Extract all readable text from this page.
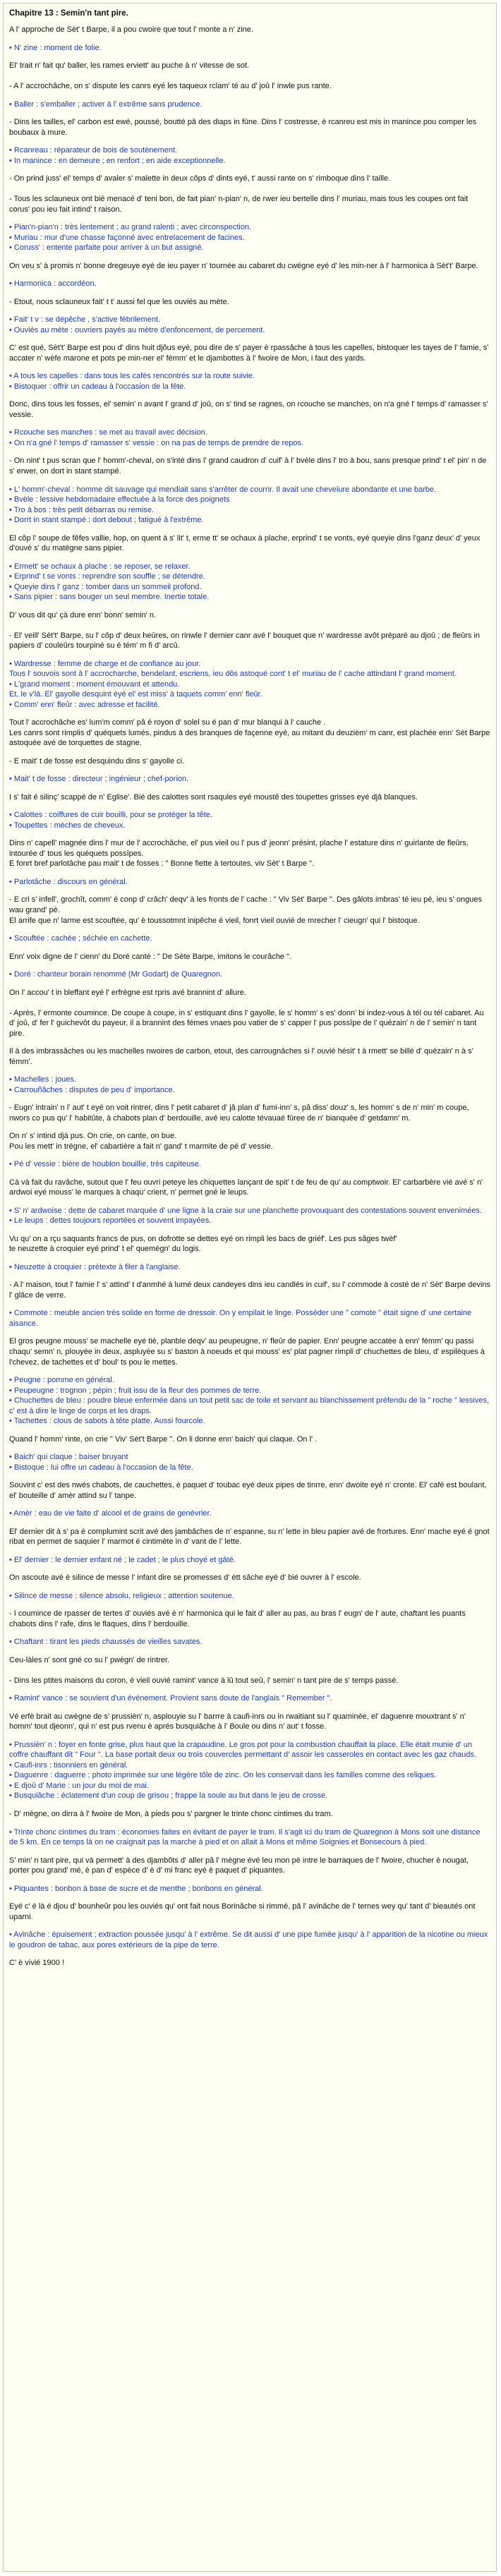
Chapitre 13 : Semin'n tant pire.
A l' approche de Sèt' t Barpe, il a pou cwoire que tout l' monte a n' zine.
• N' zine : moment de folie.
El' trait n' fait qu' baller, les rames erviett' au puche à n' vitesse de sot.

- A l' accrochâche, on s' dispute les canrs eyé les taqueux rclam' té au d' joû l' inwle pus rante.
• Baller : s'emballer ; activer à l' extrême sans prudence.
- Dins les tailles, el' carbon est ewé, poussé, boutté pâ des diaps in fûne. Dins l' costresse, è rcanreu est mis in manince pou comper les boubaux à mure.
• Rcanreau : réparateur de bois de soutènement.
• In manince : en demeure ; en renfort ; en aide exceptionnelle.
- On prind juss' el' temps d' avaler s' malette in deux côps d' dints eyé, t' aussi rante on s' rimboque dins l' taille.

- Tous les sclauneux ont bié menacé d' teni bon, de fait pian' n-pian' n, de rwer ieu bertelle dins l' muriau, mais tous les coupes ont fait corus' pou ieu fait intind' t raison.
• Pian'n-pian'n : très lentement ; au grand ralenti ; avec circonspection.
• Muriau : mur d'une chasse façonné avec entrelacement de facines.
• Coruss' : entente parfaite pour arriver à un but assigné.
On veu s' à promis n' bonne dregeuye eyé de ieu payer n' tournée au cabaret du cwégne eyé d' les min-ner à l' harmonica à Sèt't' Barpe.
• Harmonica : accordéon.
- Etout, nous sclauneux fait' t t' aussi fel que les ouviés au mète.
• Fait' t v : se dépêche , s'active fébrilement.
• Ouviés au mète : ouvriers payés au mètre d'enfoncement, de percement.
C' est qué, Sèt't' Barpe est pou d' dins huit djôus eyé, pou dire de s' payer è rpassâche à tous les capelles, bistoquer les tayes de l' famie, s' accater n' wèfe marone et pots pe min-ner el' fémm' et le djambottes à l' fwoire de Mon, i faut des yards.
• A tous les capelles : dans tous les cafés rencontrés sur la route suivie.
• Bistoquer : offrir un cadeau à l'occasion de la fête.
Donc, dins tous les fosses, el' semin' n avant l' grand d' joû, on s' tind se ragnes, on rcouche se manches, on n'a gné l' temps d' ramasser s' vessie.
• Rcouche ses manches : se met au travail avec décision.
• On n'a gné l' temps d' ramasser s' vessie : on na pas de temps de prendre de repos.
- On nint' t pus scran que l' homm'-chevaI, on s'intè dins l' grand caudron d' cuif' à l' bvèle dins l' tro à bou, sans presque prind' t el' pin' n de s' erwer, on dort in stant stampé.
• L' homm'-cheval : homme dit sauvage qui mendiait sans s'arrêter de courrir. Il avait une chevelure abondante et une barbe.
• Bvèle : lessive hebdomadaire effectuée à la force des poignets
• Tro à bos : très petit débarras ou remise.
• Dorrt in stant stampé : dort debout ; fatigué à l'extrême.
El côp l' soupe de fêfes vallie, hop, on quent à s' lit' t, erme tt' se ochaux à plache, erprind' t se vonts, eyé queyie dins l'ganz deux' d' yeux d'ouvé s' du matègne sans pipier.
• Ermett' se ochaux à plache : se reposer, se relaxer.
• Erprind' t se vonts : reprendre son souffle ; se détendre.
• Queyie dins l' ganz : tomber dans un sommeil profond.
• Sans pipier : sans bouger un seul membre. Inertie totale.
D' vous dit qu' çà dure enn' bonn' semin' n.

- El' veill' Sèt't' Barpe, su l' côp d' deux heûres, on rinwle l' dernier canr avé l' bouquet que n' wardresse avôt préparé au djoû ; de fleûrs in papiers d' couleûrs tourpiné su é tém' m fi d' arcû.
• Wardresse : femme de charge et de confiance au jour.
Tous l' souvois sont à l' accrocharche, bendelant, escriens, ieu dôs astoqué cont' t el' muriau de l' cache attindant l' grand moment.
• L'grand moment : moment émouvant et attendu.
Et, le v'là. El' gayolle desquint èyé el' est miss' à taquets comm' enn' fleûr.
• Comm' enn' fleûr : avec adresse et facilité.
Tout l' accrochâche es' lum'm comm' pâ é royon d' solel su é pan d' mur blanqui à l' cauche .
Les canrs sont rimplis d' quéquets lumés, pindus à des branques de façenne eyé, au mitant du deuzièm' m canr, est plachée enn' Sèt Barpe astoquée avé de torquettes de stagne.
- E mait' t de fosse est desquindu dins s' gayolle ci.
• Mait' t de fosse : directeur ; ingénieur ; chef-porion.
I s' fait é silinç' scappé de n' Eglise'. Bié des calottes sont rsaqules eyé moustê des toupettes grisses eyé djâ blanques.
• Calottes : coiffures de cuir bouilli, pour se protéger la tête.
• Toupettes : mèches de cheveux.
Dins n' capell' magnée dins l' mur de l' accrochâche, el' pus vieil ou l' pus d' jeonn' présint, plache l' estature dins n' guirlante de fleûrs, intourée d' tous les quéquets possîpes.
E fonrt bref parlotâche pau mait' t de fosses : " Bonne fiette à tertoutes, viv Sèt' t Barpe ".
• Parlotâche : discours en général.
- E cri s' infell', grochît, comm' é conp d' crâch' deqv' à les fronts de l' cache : " Viv Sèt' Barpe ". Des gâlots imbras' té ieu pé, ieu s' ongues wau grand' pé.
El arrife que n' larme est scouftée, qu' è toussotmnt inipêche é vieil, fonrt vieil ouvié de mrecher l' cieugn' qui l' bistoque.
• Scouftée : cachée ; séchée en cachette.
Enn' voix digne de l' cienn' du Doré canté : " De Sète Barpe, imitons le courâche ".
• Doré : chanteur borain renommé (Mr Godart) de Quaregnon.
On l' accou' t in bleffant eyé l' erfrègne est rpris avé brannint d' allure.

- Après, l' ermonte coumince. De coupe à coupe, in s' estiquant dins l' gayolle, le s' homm' s es' donn' bi indez-vous à tél ou tél cabaret. Au d' joû, d' fer l' guichevôt du payeur, il a brannint des fémes vnaes pou vatier de s' capper l' pus possîpe de l' quézain' n de l' semin' n tant pire.
Il à des imbrassâches ou les machelles nwoires de carbon, etout, des carrougnâches si l' ouvié hésit' t à rmett' se billé d' quézain' n à s' fémm'.
• Machelles : joues.
• Carrouñâches : disputes de peu d' importance.
- Eugn' intrain' n l' aut' t eyé on voit rintrer, dins l' petit cabaret d' jâ plan d' fumi-inn' s, pâ diss' douz' s, les homm' s de n' min' m coupe, nwors co pus qu' l' habitûte, à chabots plan d' berdouille, avé ieu calotte tévauaé fûree de n' bianquée d' getdamn' m.
On n' s' intind djà pus. On crie, on cante, on bue.
Pou les mett' in trègne, el' cabartière a fait n' gand' t marmite de pé d' vessie.
• Pé d' vessie : bière de houblon bouillie, très capiteuse.
Cà và fait du ravâche, sutout que l' feu ouvri peteye les chiquettes lançant de spit' t de feu de qu' au comptwoir. El' carbarbère vié avé s' n' ardwoi eyé mouss' le marques à chaqu' crient, n' permet gné le leups.
• S' n' ardwoise : dette de cabaret marquée d' une ligne à la craie sur une planchette provouquant des contestations souvent envenimées.
• Le leups : dettes toujours reportées et souvent impayées.
Vu qu' on a rçu saquants francs de pus, on dofrotte se dettes eyé on rimpli les bacs de griéf'. Les pus sâges twèf'
te neuzette à croquier eyé prind' t el' quemègn' du logis.
• Neuzette à croquier : prétexte à filer à l'anglaise.
- A l' maison, tout l' famie l' s' attind' t d'anmhé à lumé deux candeyes dins ieu candlés in cuif', su l' commode à costé de n' Sèt' Barpe devins l' glâce de verre.
• Commote : meuble ancien très solide en forme de dressoir. On y empilait le linge. Posséder une " comote " était signe d' une certaine aisance.
El gros peugne mouss' se machelle eyé tié, planble deqv' au peupeugne, n' fleûr de papier. Enn' peugne accatée à enn' fémm' qu passi chaqu' semn' n, plouyée in deux, aspluyée su s' baston à noeuds et qui mouss' es' plat pagner rimpli d' chuchettes de bleu, d' espilèques à l'chevez, de tachettes et d' boul' ts pou le mettes.
• Peugne : pomme en général.
• Peupeugne : trognon ; pépin ; fruit issu de la fleur des pommes de terre.
• Chuchettes de bleu : poudre bleue enfermée dans un tout petit sac de toile et servant au blanchissement préfendu de la " roche " lessives, c' est à dire le linge de corps et les draps.
• Tachettes : clous de sabots à tête platte. Aussi fourcole.
Quand l' homm' rinte, on crie " Viv' Sèt't Barpe ". On li donne enn' baich' qui claque. On l' .
• Baich' qui claque : baiser bruyant
• Bistoque : lui offre un cadeau à l'occasion de la fête.
Souvint c' est des nwés chabots, de cauchettes, è paquet d' toubac eyé deux pipes de tinrre, enn' dwoite eyé n' cronte. El' café est boulant, el' bouteille d' amèr attind su l' tanpe.
• Amèr : eau de vie faite d' alcool et de grains de genévrier.
El' dernier dit à s' pa é complumint scrit avé des jambâches de n' espanne, su n' lette in bleu papier avé de frortures. Enn' mache eyé é gnot ribat en permet de saquier l' marmot é cintimète in d' vant de l' lette.
• El' dernier : le dernier enfant né ; le cadet ; le plus choyé et gâté.
On ascoute avé è silince de messe l' infant dire se promesses d' ètt sâche eyé d' bié ouvrer à l' escole.
• Silince de messe : silence absolu, religieux ; attention soutenue.
- I coumince de rpasser de tertes d' ouviés avé è n' harmonica qui le fait d' aller au pas, au bras l' eugn' de l' aute, chaftant les puants chabots dins l' rafe, dins le flaques, dins l' berdouille.
• Chaftant : tirant les pieds chaussés de vieilles savates.
Ceu-làles n' sont gné co su l' pwègn' de rintrer.

- Dins les ptites maisons du coron, é vieil ouvié ramint' vance à lû tout seû, l' semin' n tant pire de s' temps passé.
• Ramint' vance : se souvient d'un événement. Provient sans doute de l'anglais " Remember ".
Vé erfè brait au cwègne de s' prussièn' n, asplouyie su l' barrre à caufi-inrs ou in rwaitiant su l' quaminée, el' daguenre mouxtrant s' n' homm' tout djeonn', qui n' est pus rvenu è aprés busquiâche à l' Boule ou dins n' aut' t fosse.
• Prussièn' n : foyer en fonte grise, plus haut que la crapaudine. Le gros pot pour la combustion chauffait la place. Elle était munie d' un coffre chauffant dit " Four ". La base portait deux ou trois couvercles permettant d' assoir les casseroles en contact avec les gaz chauds.
• Caufi-inrs : tisonniers en général.
• Daguenre : daguerre ; photo imprimée sur une légère tôle de zinc. On les conservait dans les familles comme des reliques.
• E djoû d' Marie : un jour du moi de mai.
• Busquiâche : éclatement d'un coup de grisou ; frappe la soule au but dans le jeu de crosse.
- D' mègne, on dirra à l' fwoire de Mon, à pieds pou s' pargner le trinte chonc cintimes du tram.
• Trinte chonc cintimes du tram : économies faites en évitant de payer le tram. Il s'agit ici du tram de Quaregnon à Mons soit une distance de 5 km. En ce temps là on ne craignait pas la marche à pied et on allait à Mons et même Soignies et Bonsecours à pied.
S' min' n tant pire, qui và permett' à des djambôts d' aller pâ l' mègne évé leu mon pé intre le barraques de l' fwoire, chucher è nougat, porter pou grand' mé, è pan d' espèce d' è d' mi franc eyé è paquet d' piquantes.
• Piquantes : bonbon à base de sucre et de menthe ; bonbons en général.
Eyé c' è là é djou d' bounheûr pou les ouviés qu' ont fait nous Borinâche si rimmé, pâ l' avinâche de l' ternes wey qu' tant d' bieautés ont uparni.
• Avinâche : épuisement ; extraction poussée jusqu' à l' extrême. Se dit aussi d' une pipe fumée jusqu' à l' apparition de la nicotine ou mieux le goudron de tabac, aux pores extérieurs de la pipe de terre.
C' è vivié 1900 !
